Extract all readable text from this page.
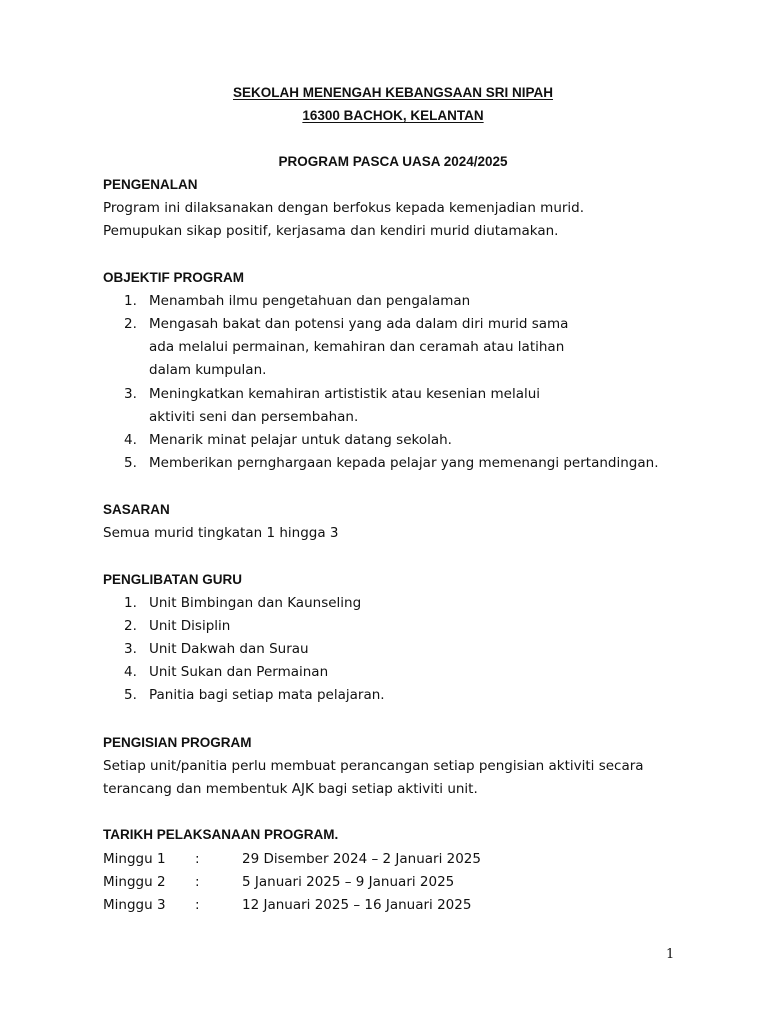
SEKOLAH MENENGAH KEBANGSAAN SRI NIPAH
16300 BACHOK, KELANTAN
PROGRAM PASCA UASA 2024/2025
PENGENALAN
Program ini dilaksanakan dengan berfokus kepada kemenjadian murid.
Pemupukan sikap positif, kerjasama dan kendiri murid diutamakan.
OBJEKTIF PROGRAM
1. Menambah ilmu pengetahuan dan pengalaman
2. Mengasah bakat dan potensi yang ada dalam diri murid sama
ada melalui permainan, kemahiran dan ceramah atau latihan
dalam kumpulan.
3. Meningkatkan kemahiran artististik atau kesenian melalui
aktiviti seni dan persembahan.
4. Menarik minat pelajar untuk datang sekolah.
5. Memberikan pernghargaan kepada pelajar yang memenangi pertandingan.
SASARAN
Semua murid tingkatan 1 hingga 3
PENGLIBATAN GURU
1. Unit Bimbingan dan Kaunseling
2. Unit Disiplin
3. Unit Dakwah dan Surau
4. Unit Sukan dan Permainan
5. Panitia bagi setiap mata pelajaran.
PENGISIAN PROGRAM
Setiap unit/panitia perlu membuat perancangan setiap pengisian aktiviti secara
terancang dan membentuk AJK bagi setiap aktiviti unit.
TARIKH PELAKSANAAN PROGRAM.
Minggu 1 :	29 Disember 2024 – 2 Januari 2025
Minggu 2 :	5 Januari 2025 – 9 Januari 2025
Minggu 3 :	12 Januari 2025 – 16 Januari 2025
1
